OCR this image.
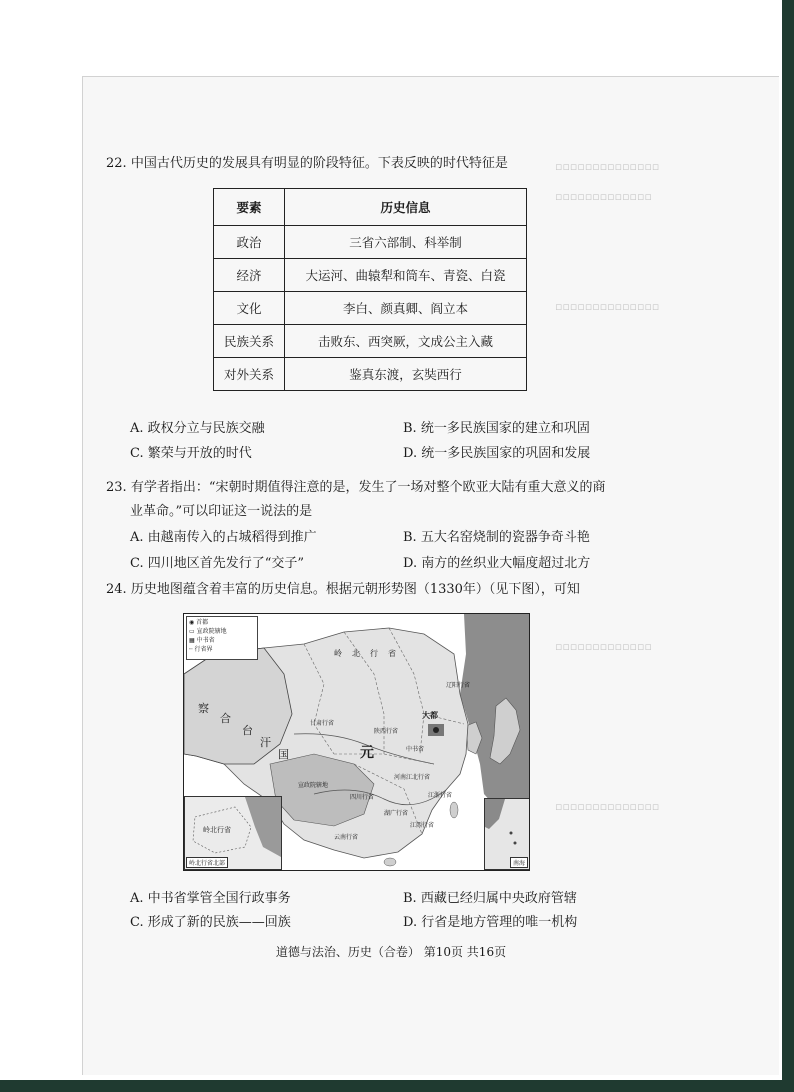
▫▫▫▫▫▫▫▫▫▫▫▫▫▫
▫▫▫▫▫▫▫▫▫▫▫▫▫
▫▫▫▫▫▫▫▫▫▫▫▫▫▫
▫▫▫▫▫▫▫▫▫▫▫▫▫
▫▫▫▫▫▫▫▫▫▫▫▫▫▫
22. 中国古代历史的发展具有明显的阶段特征。下表反映的时代特征是
要素	历史信息
政治	三省六部制、科举制
经济	大运河、曲辕犁和筒车、青瓷、白瓷
文化	李白、颜真卿、阎立本
民族关系	击败东、西突厥，文成公主入藏
对外关系	鉴真东渡，玄奘西行
A. 政权分立与民族交融	B. 统一多民族国家的建立和巩固
C. 繁荣与开放的时代	D. 统一多民族国家的巩固和发展
23. 有学者指出：“宋朝时期值得注意的是，发生了一场对整个欧亚大陆有重大意义的商
业革命。”可以印证这一说法的是
A. 由越南传入的占城稻得到推广	B. 五大名窑烧制的瓷器争奇斗艳
C. 四川地区首先发行了“交子”	D. 南方的丝织业大幅度超过北方
24. 历史地图蕴含着丰富的历史信息。根据元朝形势图（1330年）（见下图），可知
◉ 首都
▭ 宣政院辖地
▦ 中书省
┄ 行省界	岭北行省
察
合
台
汗
国	元
大都
甘肃行省
陕西行省
中书省
宣政院辖地
四川行省
河南江北行省
江浙行省
湖广行省
江西行省
云南行省
辽阳行省
岭北行省
岭北行省北部	南海
A. 中书省掌管全国行政事务	B. 西藏已经归属中央政府管辖
C. 形成了新的民族——回族	D. 行省是地方管理的唯一机构
道德与法治、历史（合卷） 第10页 共16页
